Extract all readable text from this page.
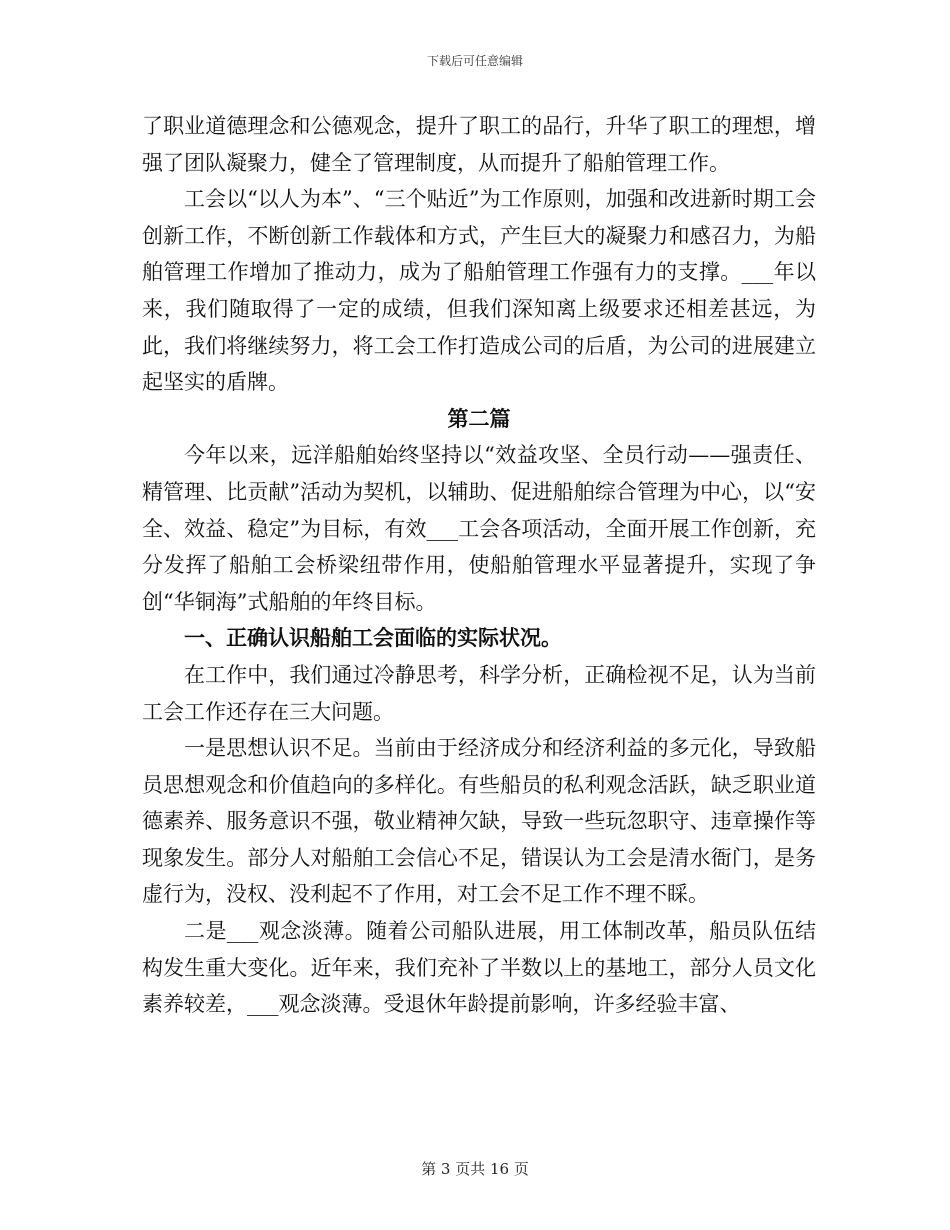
下载后可任意编辑

了职业道德理念和公德观念，提升了职工的品行，升华了职工的理想，增强了团队凝聚力，健全了管理制度，从而提升了船舶管理工作。

工会以“以人为本”、“三个贴近”为工作原则，加强和改进新时期工会创新工作，不断创新工作载体和方式，产生巨大的凝聚力和感召力，为船舶管理工作增加了推动力，成为了船舶管理工作强有力的支撑。___年以来，我们随取得了一定的成绩，但我们深知离上级要求还相差甚远，为此，我们将继续努力，将工会工作打造成公司的后盾，为公司的进展建立起坚实的盾牌。

第二篇

今年以来，远洋船舶始终坚持以“效益攻坚、全员行动——强责任、精管理、比贡献”活动为契机，以辅助、促进船舶综合管理为中心，以“安全、效益、稳定”为目标，有效___工会各项活动，全面开展工作创新，充分发挥了船舶工会桥梁纽带作用，使船舶管理水平显著提升，实现了争创“华铜海”式船舶的年终目标。

一、正确认识船舶工会面临的实际状况。

在工作中，我们通过冷静思考，科学分析，正确检视不足，认为当前工会工作还存在三大问题。

一是思想认识不足。当前由于经济成分和经济利益的多元化，导致船员思想观念和价值趋向的多样化。有些船员的私利观念活跃，缺乏职业道德素养、服务意识不强，敬业精神欠缺，导致一些玩忽职守、违章操作等现象发生。部分人对船舶工会信心不足，错误认为工会是清水衙门，是务虚行为，没权、没利起不了作用，对工会不足工作不理不睬。

二是___观念淡薄。随着公司船队进展，用工体制改革，船员队伍结构发生重大变化。近年来，我们充补了半数以上的基地工，部分人员文化素养较差，___观念淡薄。受退休年龄提前影响，许多经验丰富、

第 3 页共 16 页
